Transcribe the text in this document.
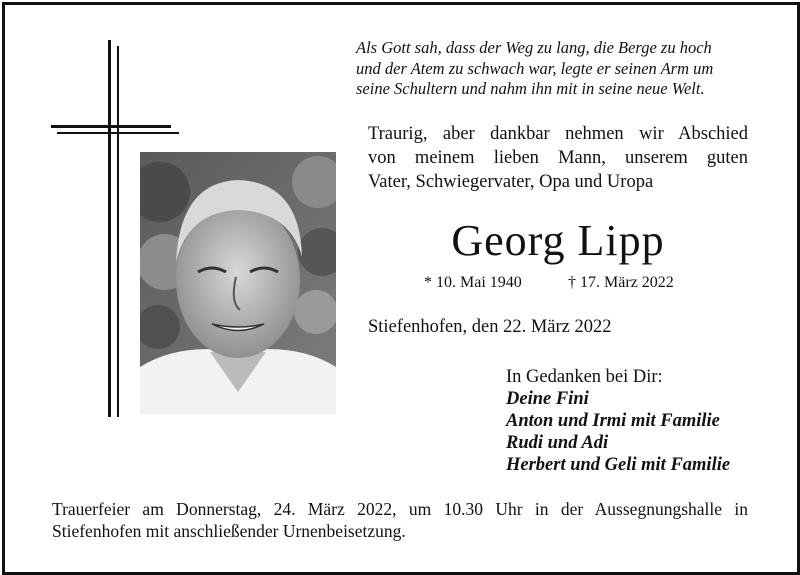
Als Gott sah, dass der Weg zu lang, die Berge zu hoch
und der Atem zu schwach war, legte er seinen Arm um
seine Schultern und nahm ihn mit in seine neue Welt.
Traurig, aber dankbar nehmen wir Abschied
von meinem lieben Mann, unserem guten
Vater, Schwiegervater, Opa und Uropa
Georg Lipp
* 10. Mai 1940	† 17. März 2022
Stiefenhofen, den 22. März 2022
In Gedanken bei Dir:
Deine Fini
Anton und Irmi mit Familie
Rudi und Adi
Herbert und Geli mit Familie
Trauerfeier am Donnerstag, 24. März 2022, um 10.30 Uhr in der Aussegnungshalle in
Stiefenhofen mit anschließender Urnenbeisetzung.
